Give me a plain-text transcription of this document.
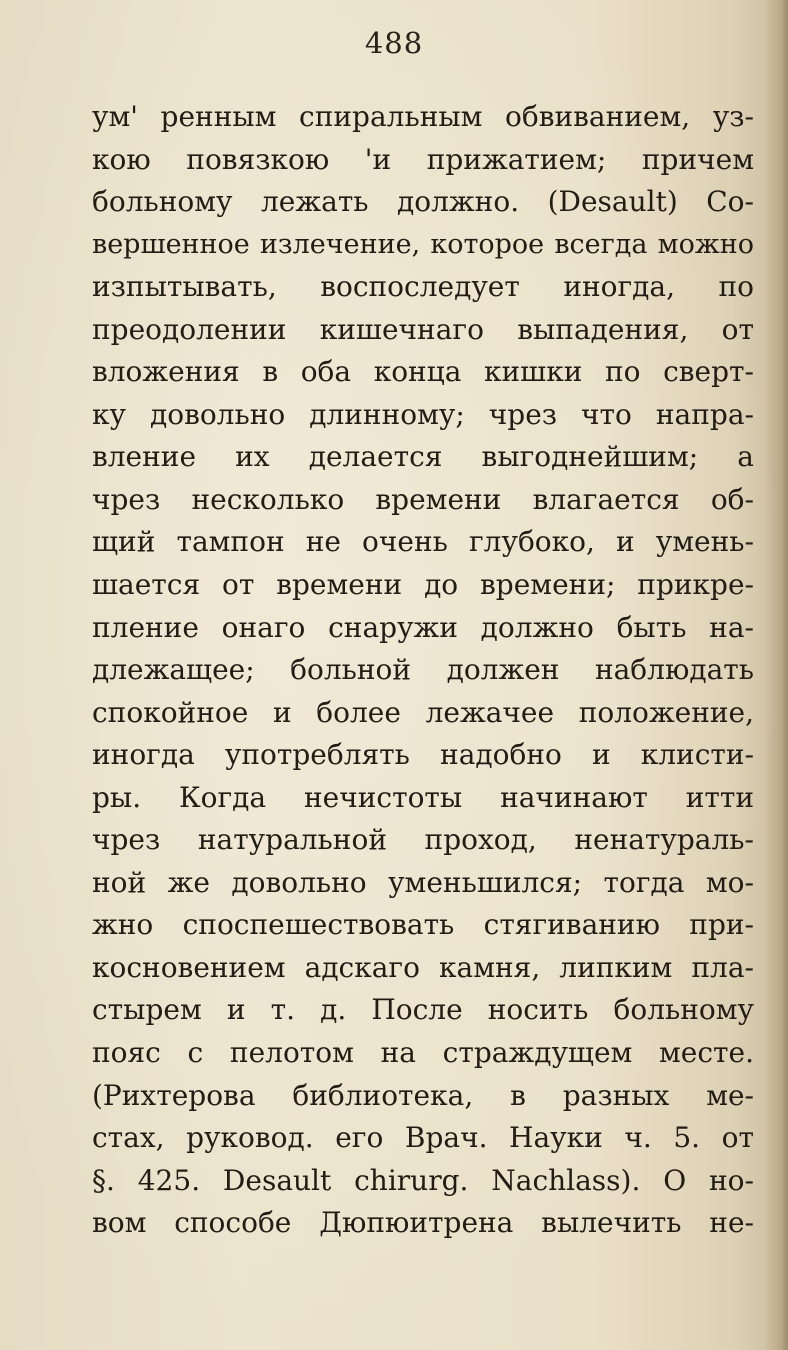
488
ум' ренным спиральным обвиванием, уз-
кою повязкою 'и прижатием; причем
больному лежать должно. (Desault) Со-
вершенное излечение, которое всегда можно
изпытывать, воспоследует иногда, по
преодолении кишечнаго выпадения, от
вложения в оба конца кишки по сверт-
ку довольно длинному; чрез что напра-
вление их делается выгоднейшим; а
чрез несколько времени влагается об-
щий тампон не очень глубоко, и умень-
шается от времени до времени; прикре-
пление онаго снаружи должно быть на-
длежащее; больной должен наблюдать
спокойное и более лежачее положение,
иногда употреблять надобно и клисти-
ры. Когда нечистоты начинают итти
чрез натуральной проход, ненатураль-
ной же довольно уменьшился; тогда мо-
жно споспешествовать стягиванию при-
косновением адскаго камня, липким пла-
стырем и т. д. После носить больному
пояс с пелотом на страждущем месте.
(Рихтерова библиотека, в разных ме-
стах, руковод. его Врач. Науки ч. 5. от
§. 425. Desault chirurg. Nachlass). О но-
вом способе Дюпюитрена вылечить не-
